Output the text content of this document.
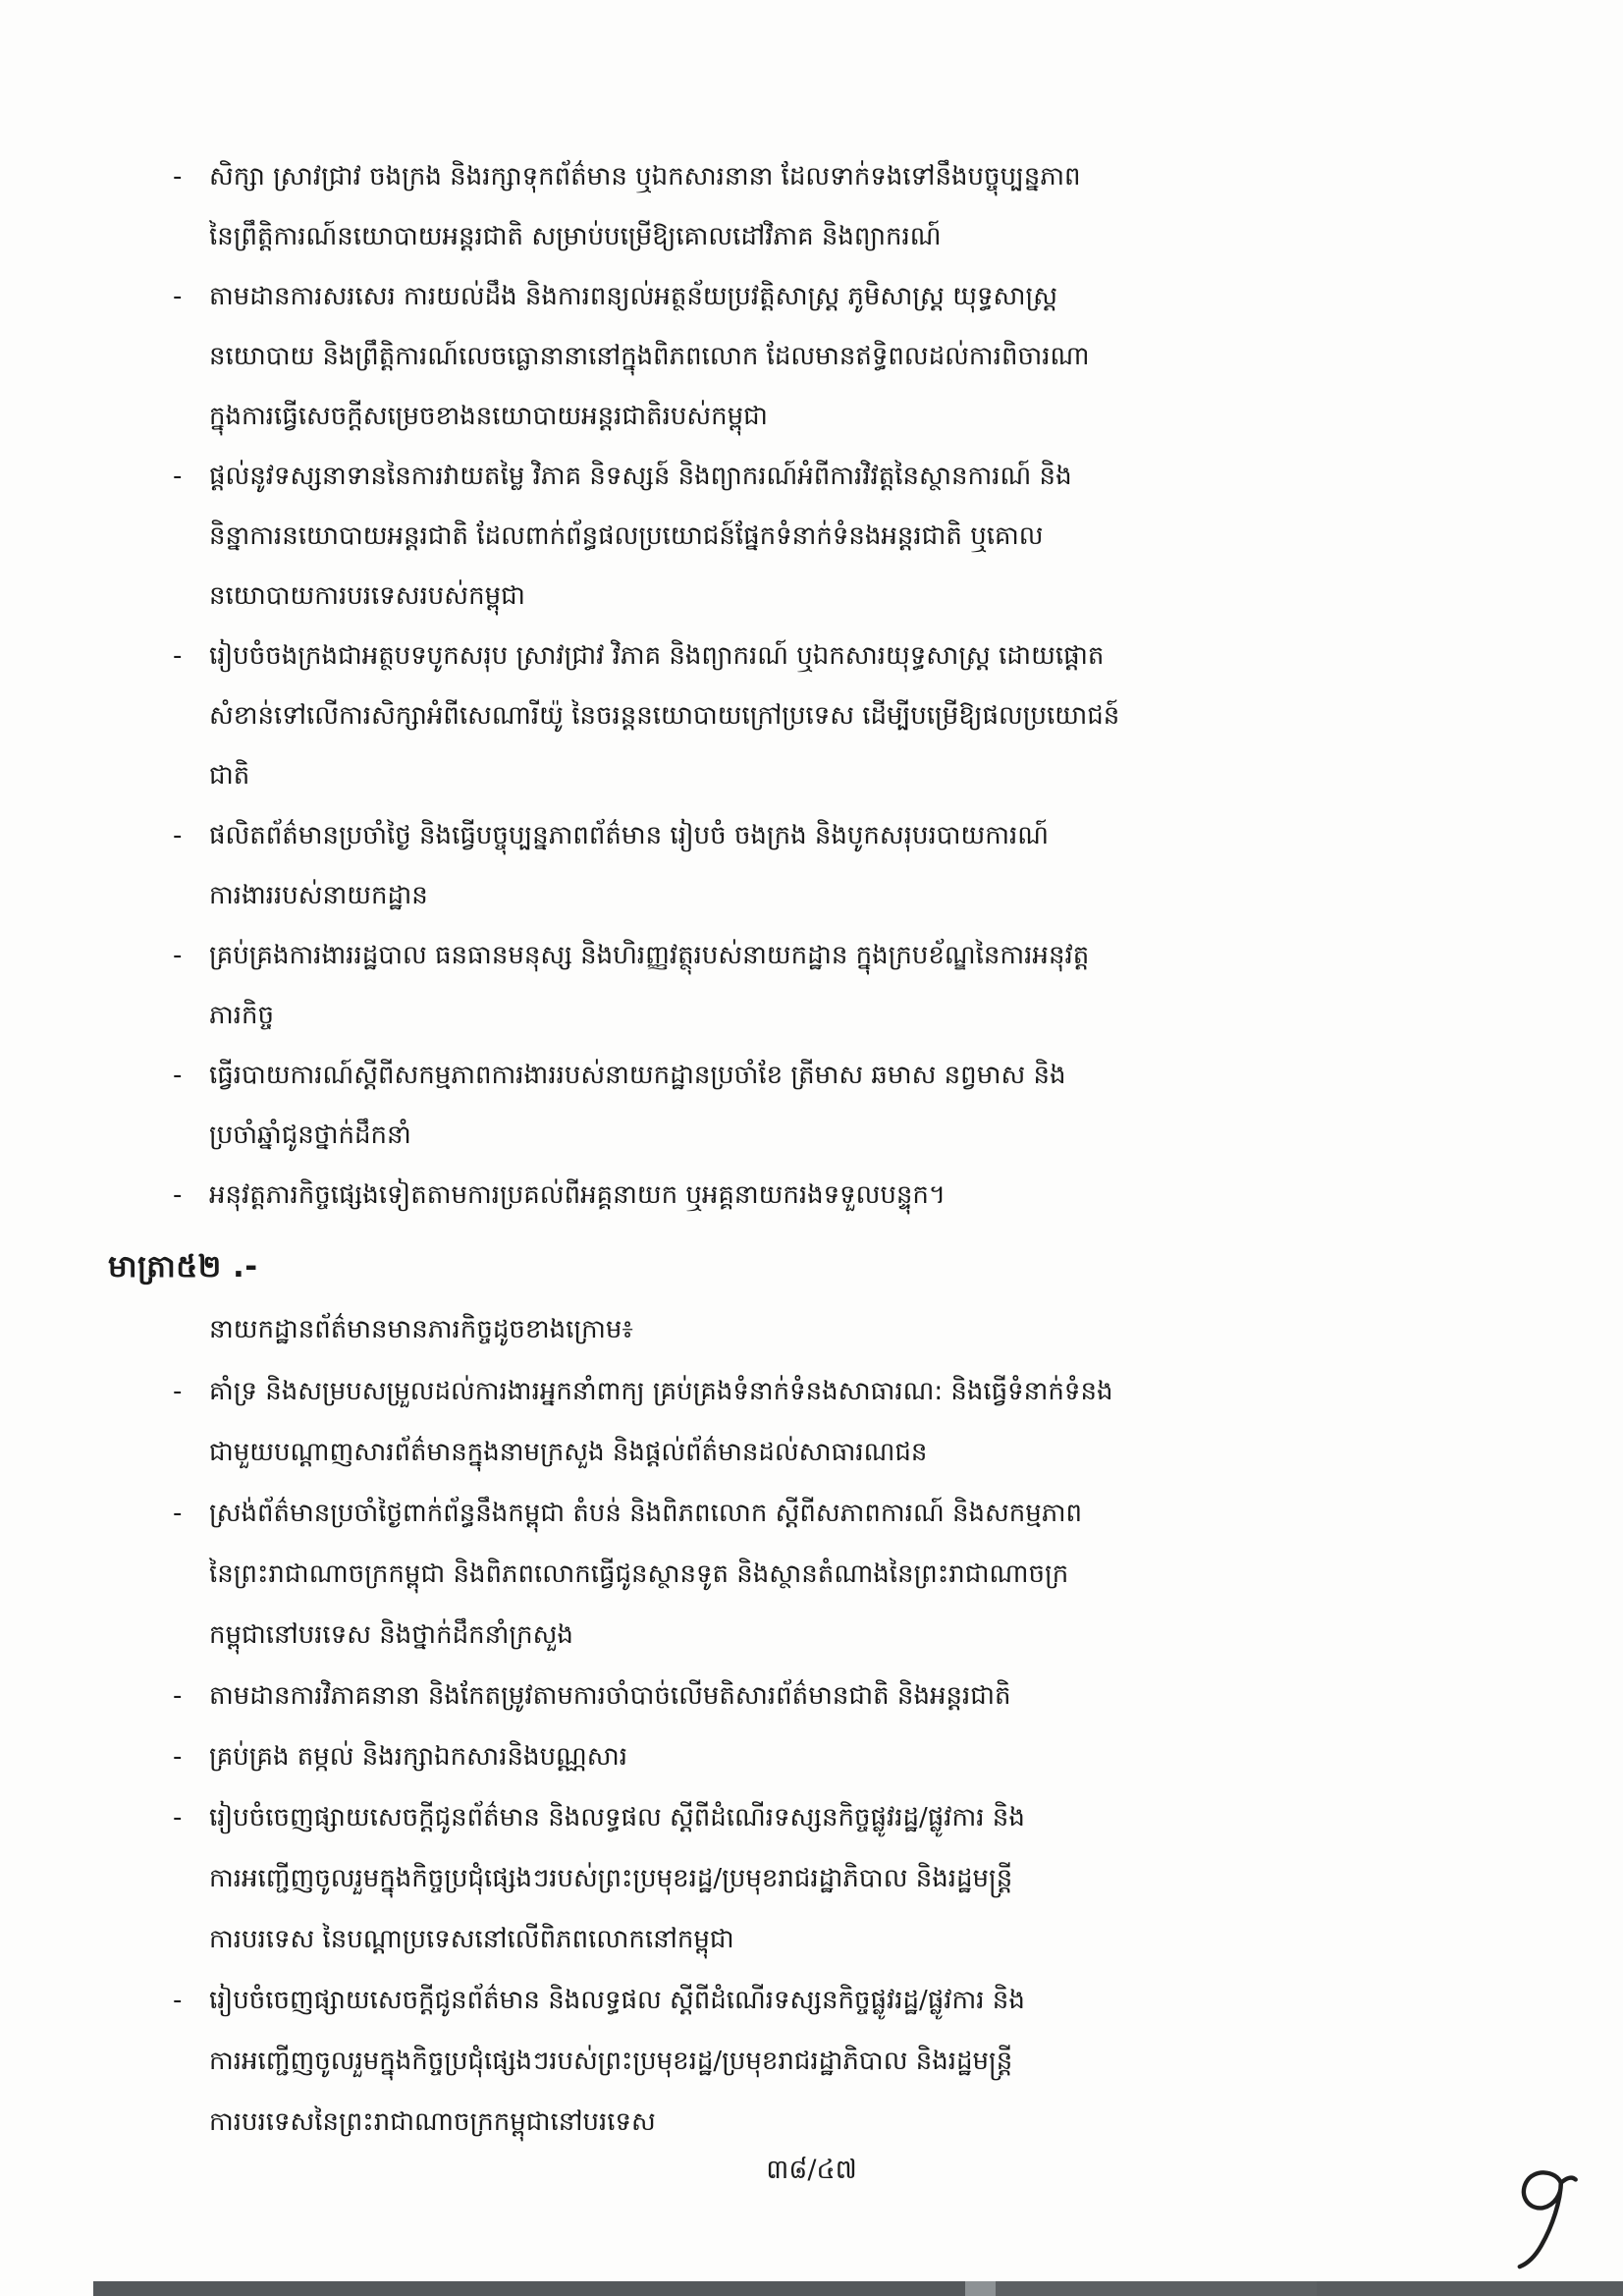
-	សិក្សា ស្រាវជ្រាវ ចងក្រង និងរក្សាទុកព័ត៌មាន ឬឯកសារនានា ដែលទាក់ទងទៅនឹងបច្ចុប្បន្នភាព
នៃព្រឹត្តិការណ៍នយោបាយអន្តរជាតិ សម្រាប់បម្រើឱ្យគោលដៅវិភាគ និងព្យាករណ៍
-	តាមដានការសរសេរ ការយល់ដឹង និងការពន្យល់អត្ថន័យប្រវត្តិសាស្ត្រ ភូមិសាស្ត្រ យុទ្ធសាស្ត្រ
នយោបាយ និងព្រឹត្តិការណ៍លេចធ្លោនានានៅក្នុងពិភពលោក ដែលមានឥទ្ធិពលដល់ការពិចារណា
ក្នុងការធ្វើសេចក្តីសម្រេចខាងនយោបាយអន្តរជាតិរបស់កម្ពុជា
-	ផ្តល់នូវទស្សនាទាននៃការវាយតម្លៃ វិភាគ និទស្សន៍ និងព្យាករណ៍អំពីការវិវត្តនៃស្ថានការណ៍ និង
និន្នាការនយោបាយអន្តរជាតិ ដែលពាក់ព័ន្ធផលប្រយោជន៍ផ្នែកទំនាក់ទំនងអន្តរជាតិ ឬគោល
នយោបាយការបរទេសរបស់កម្ពុជា
-	រៀបចំចងក្រងជាអត្ថបទបូកសរុប ស្រាវជ្រាវ វិភាគ និងព្យាករណ៍ ឬឯកសារយុទ្ធសាស្ត្រ ដោយផ្តោត
សំខាន់ទៅលើការសិក្សាអំពីសេណារីយ៉ូ នៃចរន្តនយោបាយក្រៅប្រទេស ដើម្បីបម្រើឱ្យផលប្រយោជន៍
ជាតិ
-	ផលិតព័ត៌មានប្រចាំថ្ងៃ និងធ្វើបច្ចុប្បន្នភាពព័ត៌មាន រៀបចំ ចងក្រង និងបូកសរុបរបាយការណ៍
ការងាររបស់នាយកដ្ឋាន
-	គ្រប់គ្រងការងាររដ្ឋបាល ធនធានមនុស្ស និងហិរញ្ញវត្ថុរបស់នាយកដ្ឋាន ក្នុងក្របខ័ណ្ឌនៃការអនុវត្ត
ភារកិច្ច
-	ធ្វើរបាយការណ៍ស្តីពីសកម្មភាពការងាររបស់នាយកដ្ឋានប្រចាំខែ ត្រីមាស ឆមាស នព្វមាស និង
ប្រចាំឆ្នាំជូនថ្នាក់ដឹកនាំ
-	អនុវត្តភារកិច្ចផ្សេងទៀតតាមការប្រគល់ពីអគ្គនាយក ឬអគ្គនាយករងទទួលបន្ទុក។
មាត្រា៥២ .-
នាយកដ្ឋានព័ត៌មានមានភារកិច្ចដូចខាងក្រោម៖
-	គាំទ្រ និងសម្របសម្រួលដល់ការងារអ្នកនាំពាក្យ គ្រប់គ្រងទំនាក់ទំនងសាធារណ: និងធ្វើទំនាក់ទំនង
ជាមួយបណ្តាញសារព័ត៌មានក្នុងនាមក្រសួង និងផ្តល់ព័ត៌មានដល់សាធារណជន
-	ស្រង់ព័ត៌មានប្រចាំថ្ងៃពាក់ព័ន្ធនឹងកម្ពុជា តំបន់ និងពិភពលោក ស្តីពីសភាពការណ៍ និងសកម្មភាព
នៃព្រះរាជាណាចក្រកម្ពុជា និងពិភពលោកធ្វើជូនស្ថានទូត និងស្ថានតំណាងនៃព្រះរាជាណាចក្រ
កម្ពុជានៅបរទេស និងថ្នាក់ដឹកនាំក្រសួង
-	តាមដានការវិភាគនានា និងកែតម្រូវតាមការចាំបាច់លើមតិសារព័ត៌មានជាតិ និងអន្តរជាតិ
-	គ្រប់គ្រង តម្កល់ និងរក្សាឯកសារនិងបណ្ណសារ
-	រៀបចំចេញផ្សាយសេចក្តីជូនព័ត៌មាន និងលទ្ធផល ស្តីពីដំណើរទស្សនកិច្ចផ្លូវរដ្ឋ/ផ្លូវការ និង
ការអញ្ជើញចូលរួមក្នុងកិច្ចប្រជុំផ្សេងៗរបស់ព្រះប្រមុខរដ្ឋ/ប្រមុខរាជរដ្ឋាភិបាល និងរដ្ឋមន្ត្រី
ការបរទេស នៃបណ្តាប្រទេសនៅលើពិភពលោកនៅកម្ពុជា
-	រៀបចំចេញផ្សាយសេចក្តីជូនព័ត៌មាន និងលទ្ធផល ស្តីពីដំណើរទស្សនកិច្ចផ្លូវរដ្ឋ/ផ្លូវការ និង
ការអញ្ជើញចូលរួមក្នុងកិច្ចប្រជុំផ្សេងៗរបស់ព្រះប្រមុខរដ្ឋ/ប្រមុខរាជរដ្ឋាភិបាល និងរដ្ឋមន្ត្រី
ការបរទេសនៃព្រះរាជាណាចក្រកម្ពុជានៅបរទេស
៣៨/៤៧
